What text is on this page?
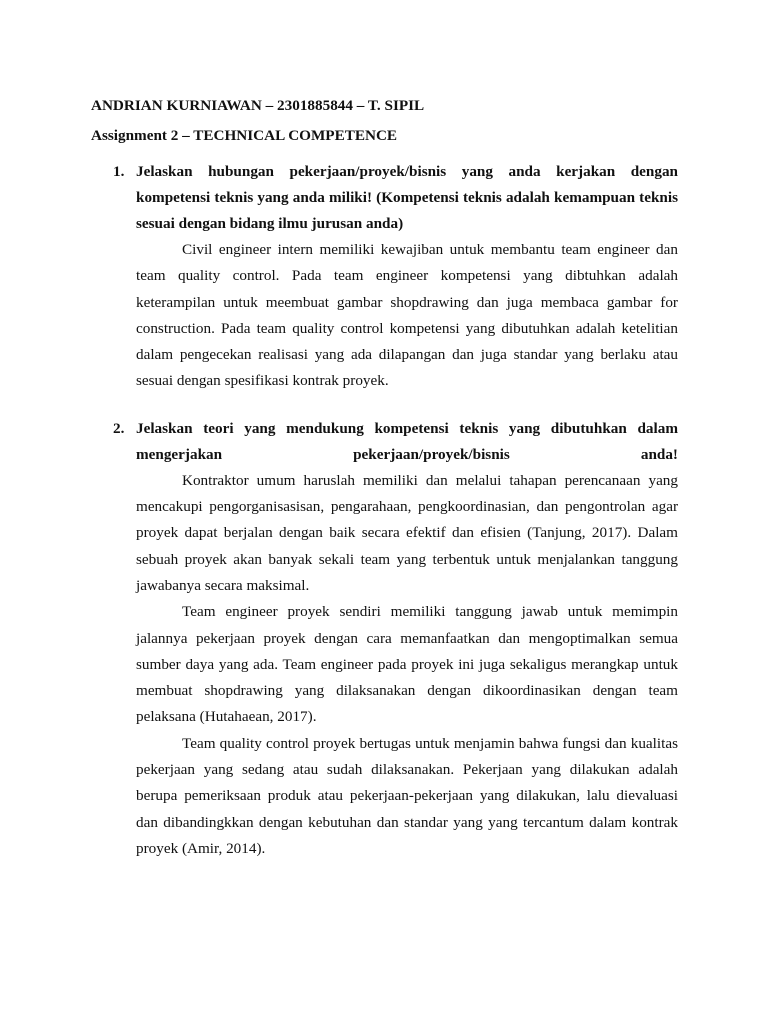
ANDRIAN KURNIAWAN – 2301885844 – T. SIPIL

Assignment 2 – TECHNICAL COMPETENCE

1. Jelaskan hubungan pekerjaan/proyek/bisnis yang anda kerjakan dengan kompetensi teknis yang anda miliki! (Kompetensi teknis adalah kemampuan teknis sesuai dengan bidang ilmu jurusan anda)

Civil engineer intern memiliki kewajiban untuk membantu team engineer dan team quality control. Pada team engineer kompetensi yang dibtuhkan adalah keterampilan untuk meembuat gambar shopdrawing dan juga membaca gambar for construction. Pada team quality control kompetensi yang dibutuhkan adalah ketelitian dalam pengecekan realisasi yang ada dilapangan dan juga standar yang berlaku atau sesuai dengan spesifikasi kontrak proyek.

2. Jelaskan teori yang mendukung kompetensi teknis yang dibutuhkan dalam mengerjakan pekerjaan/proyek/bisnis anda!

Kontraktor umum haruslah memiliki dan melalui tahapan perencanaan yang mencakupi pengorganisasisan, pengarahaan, pengkoordinasian, dan pengontrolan agar proyek dapat berjalan dengan baik secara efektif dan efisien (Tanjung, 2017). Dalam sebuah proyek akan banyak sekali team yang terbentuk untuk menjalankan tanggung jawabanya secara maksimal.

Team engineer proyek sendiri memiliki tanggung jawab untuk memimpin jalannya pekerjaan proyek dengan cara memanfaatkan dan mengoptimalkan semua sumber daya yang ada. Team engineer pada proyek ini juga sekaligus merangkap untuk membuat shopdrawing yang dilaksanakan dengan dikoordinasikan dengan team pelaksana (Hutahaean, 2017).

Team quality control proyek bertugas untuk menjamin bahwa fungsi dan kualitas pekerjaan yang sedang atau sudah dilaksanakan. Pekerjaan yang dilakukan adalah berupa pemeriksaan produk atau pekerjaan-pekerjaan yang dilakukan, lalu dievaluasi dan dibandingkkan dengan kebutuhan dan standar yang yang tercantum dalam kontrak proyek (Amir, 2014).
